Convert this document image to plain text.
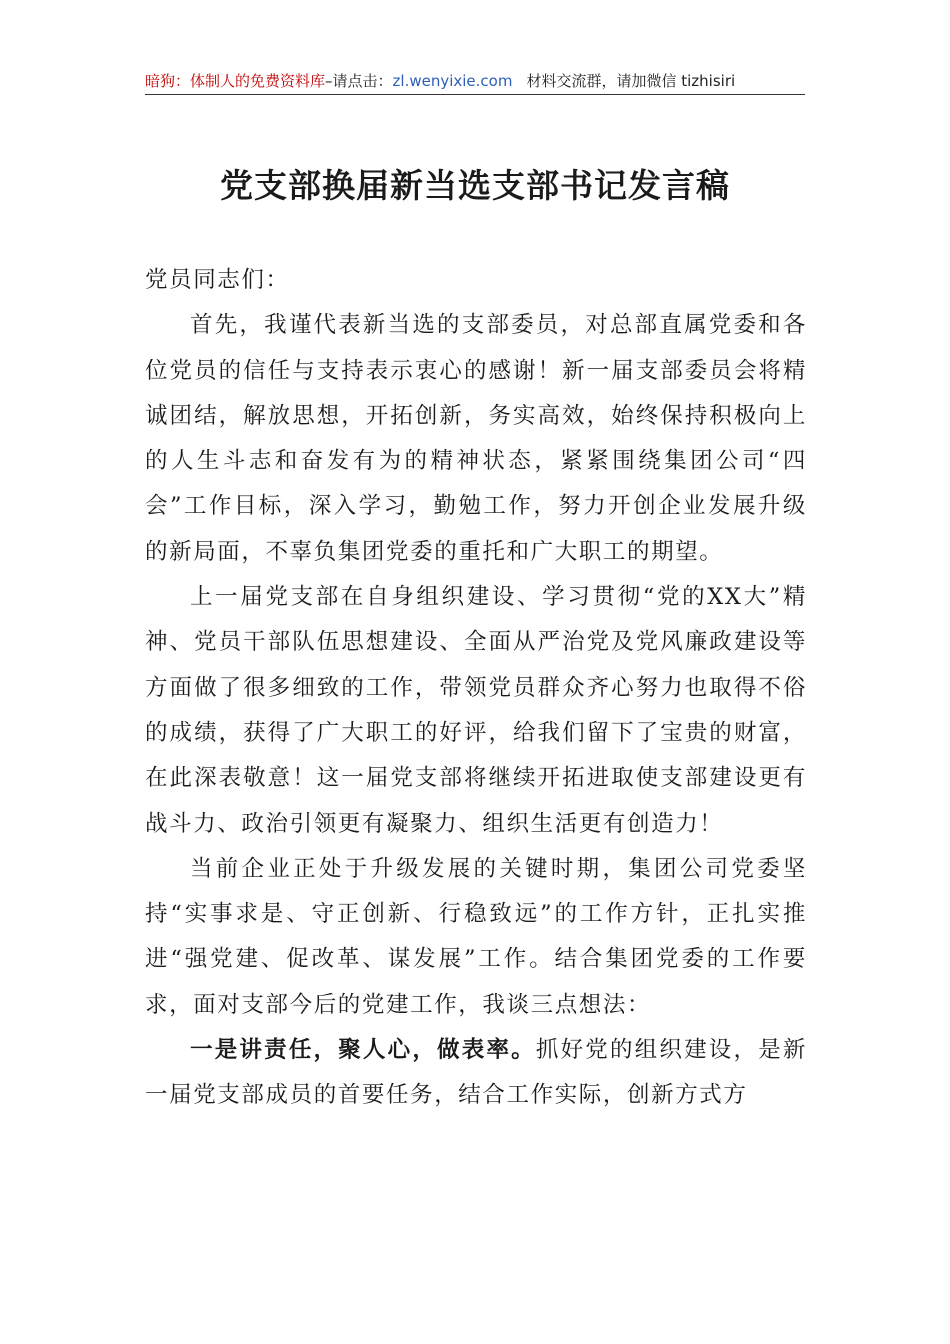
暗狗：体制人的免费资料库–请点击：zl.wenyixie.com 材料交流群，请加微信 tizhisiri
党支部换届新当选支部书记发言稿

党员同志们：

首先，我谨代表新当选的支部委员，对总部直属党委和各位党员的信任与支持表示衷心的感谢！新一届支部委员会将精诚团结，解放思想，开拓创新，务实高效，始终保持积极向上的人生斗志和奋发有为的精神状态，紧紧围绕集团公司“四会”工作目标，深入学习，勤勉工作，努力开创企业发展升级的新局面，不辜负集团党委的重托和广大职工的期望。

上一届党支部在自身组织建设、学习贯彻“党的XX大”精神、党员干部队伍思想建设、全面从严治党及党风廉政建设等方面做了很多细致的工作，带领党员群众齐心努力也取得不俗的成绩，获得了广大职工的好评，给我们留下了宝贵的财富，在此深表敬意！这一届党支部将继续开拓进取使支部建设更有战斗力、政治引领更有凝聚力、组织生活更有创造力！

当前企业正处于升级发展的关键时期，集团公司党委坚持“实事求是、守正创新、行稳致远”的工作方针，正扎实推进“强党建、促改革、谋发展”工作。结合集团党委的工作要求，面对支部今后的党建工作，我谈三点想法：

一是讲责任，聚人心，做表率。抓好党的组织建设，是新一届党支部成员的首要任务，结合工作实际，创新方式方
